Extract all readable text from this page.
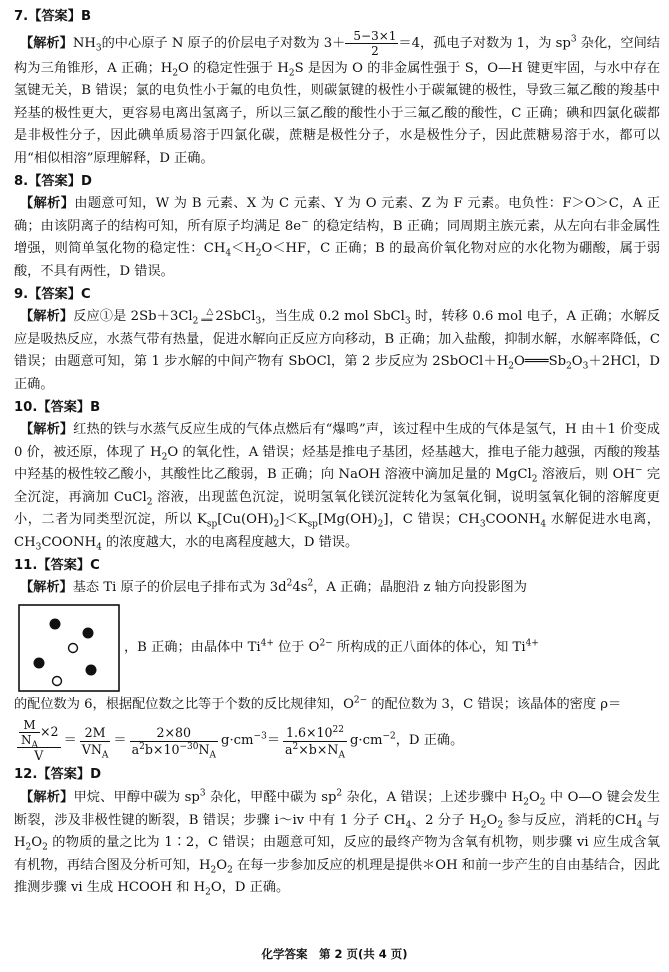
7.【答案】B
【解析】$NH_3$的中心原子 N 原子的价层电子对数为 $3+ \frac{5-3\times 1}{2} =4$，孤电子对数为 1，为 $sp^3$ 杂化，空间结构为三角锥形，A 正确；$H_2O$ 的稳定性强于 $H_2S$ 是因为 O 的非金属性强于 S，O—H 键更牢固，与水中存在氢键无关，B 错误；氯的电负性小于氟的电负性，则碳氯键的极性小于碳氟键的极性，导致三氟乙酸的羧基中羟基的极性更大，更容易电离出氢离子，所以三氯乙酸的酸性小于三氟乙酸的酸性，C 正确；碘和四氯化碳都是非极性分子，因此碘单质易溶于四氯化碳，蔗糖是极性分子，水是极性分子，因此蔗糖易溶于水，都可以用“相似相溶”原理解释，D 正确。
8.【答案】D
【解析】由题意可知，W 为 B 元素、X 为 C 元素、Y 为 O 元素、Z 为 F 元素。电负性：F＞O＞C，A 正确；由该阴离子的结构可知，所有原子均满足 8e− 的稳定结构，B 正确；同周期主族元素，从左向右非金属性增强，则简单氢化物的稳定性：$CH_4<H_2O<HF$，C 正确；B 的最高价氧化物对应的水化物为硼酸，属于弱酸，不具有两性，D 错误。
9.【答案】C
【解析】反应①是 $2Sb+3Cl_2\triangle$
══ 2SbCl$_3$，当生成 0.2 mol SbCl$_3$ 时，转移 0.6 mol 电子，A 正确；水解反应是吸热反应，水蒸气带有热量，促进水解向正反应方向移动，B 正确；加入盐酸，抑制水解，水解率降低，C 错误；由题意可知，第 1 步水解的中间产物有 SbOCl，第 2 步反应为 $2SbOCl+H_2O═══Sb_2O_3+2HCl$，D 正确。
10.【答案】B
【解析】红热的铁与水蒸气反应生成的气体点燃后有“爆鸣”声，该过程中生成的气体是氢气，H 由＋1 价变成 0 价，被还原，体现了 $H_2O$ 的氧化性，A 错误；烃基是推电子基团，烃基越大，推电子能力越强，丙酸的羧基中羟基的极性较乙酸小，其酸性比乙酸弱，B 正确；向 NaOH 溶液中滴加足量的 MgCl$_2$ 溶液后，则 OH− 完全沉淀，再滴加 CuCl$_2$ 溶液，出现蓝色沉淀，说明氢氧化镁沉淀转化为氢氧化铜，说明氢氧化铜的溶解度更小，二者为同类型沉淀，所以 $K_{sp}[Cu(OH)_2]<K_{sp}[Mg(OH)_2]$，C 错误；$CH_3COONH_4$ 水解促进水电离，$CH_3COONH_4$ 的浓度越大，水的电离程度越大，D 错误。
11.【答案】C
【解析】基态 Ti 原子的价层电子排布式为 $3d^24s^2$，A 正确；晶胞沿 z 轴方向投影图为
，B 正确；由晶体中 $Ti^{4+}$ 位于 $O^{2-}$ 所构成的正八面体的体心，知 $Ti^{4+}$
的配位数为 6，根据配位数之比等于个数的反比规律知，$O^{2-}$ 的配位数为 3，C 错误；该晶体的密度 ρ＝
$\frac{\frac{M}{N_A} \times 2}{V} = \frac{2M}{VN_A} = \frac{2\times 80}{a^2b\times 10^{-30}N_A} g\cdot cm^{-3} = \frac{1.6\times 10^{22}}{a^2\times b\times N_A} g\cdot cm^{-2}$ ，D 正确。
12.【答案】D
【解析】甲烷、甲醇中碳为 $sp^3$ 杂化，甲醛中碳为 $sp^2$ 杂化，A 错误；上述步骤中 $H_2O_2$ 中 O—O 键会发生断裂，涉及非极性键的断裂，B 错误；步骤 i～iv 中有 1 分子 $CH_4$、2 分子 $H_2O_2$ 参与反应，消耗的$CH_4$ 与 $H_2O_2$ 的物质的量之比为 1∶2，C 错误；由题意可知，反应的最终产物为含氧有机物，则步骤 vi 应生成含氧有机物，再结合图及分析可知，$H_2O_2$ 在每一步参加反应的机理是提供＊OH 和前一步产生的自由基结合，因此推测步骤 vi 生成 HCOOH 和 $H_2O$，D 正确。
化学答案　第 2 页(共 4 页)
